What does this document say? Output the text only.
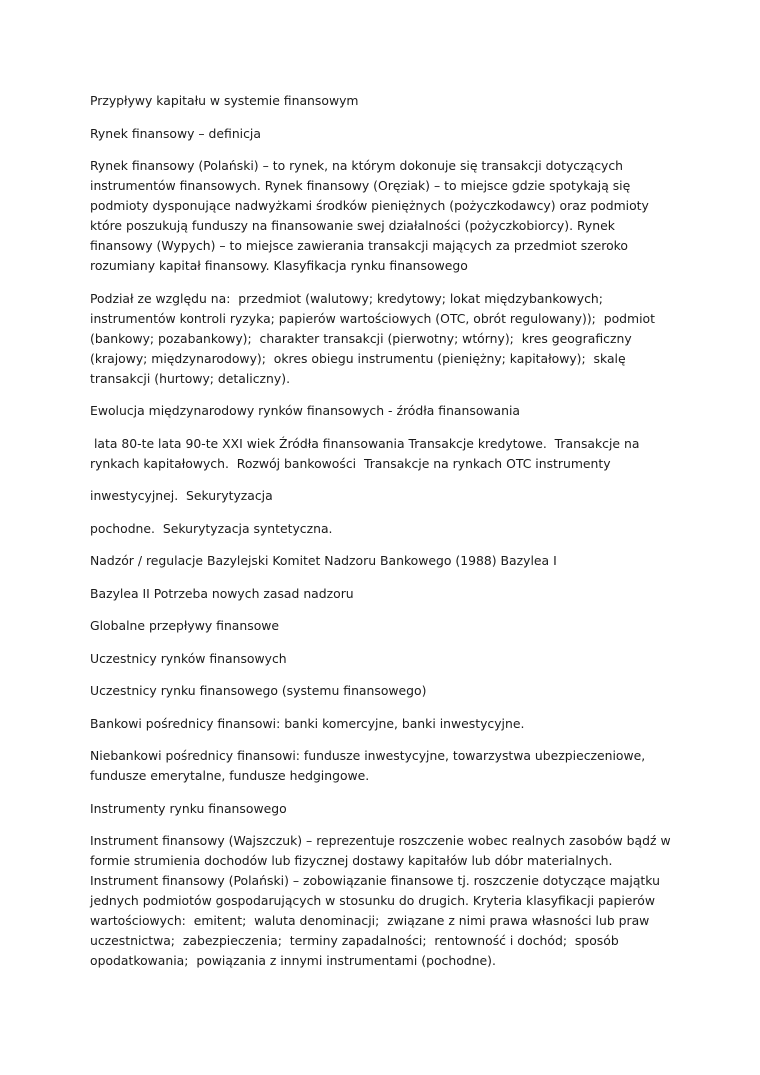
Przypływy kapitału w systemie finansowym

Rynek finansowy – definicja

Rynek finansowy (Polański) – to rynek, na którym dokonuje się transakcji dotyczących instrumentów finansowych. Rynek finansowy (Oręziak) – to miejsce gdzie spotykają się podmioty dysponujące nadwyżkami środków pieniężnych (pożyczkodawcy) oraz podmioty które poszukują funduszy na finansowanie swej działalności (pożyczkobiorcy). Rynek finansowy (Wypych) – to miejsce zawierania transakcji mających za przedmiot szeroko rozumiany kapitał finansowy. Klasyfikacja rynku finansowego

Podział ze względu na:  przedmiot (walutowy; kredytowy; lokat międzybankowych; instrumentów kontroli ryzyka; papierów wartościowych (OTC, obrót regulowany));  podmiot (bankowy; pozabankowy);  charakter transakcji (pierwotny; wtórny);  kres geograficzny (krajowy; międzynarodowy);  okres obiegu instrumentu (pieniężny; kapitałowy);  skalę transakcji (hurtowy; detaliczny).

Ewolucja międzynarodowy rynków finansowych - źródła finansowania

lata 80-te lata 90-te XXI wiek Źródła finansowania Transakcje kredytowe.  Transakcje na rynkach kapitałowych.  Rozwój bankowości  Transakcje na rynkach OTC instrumenty

inwestycyjnej.  Sekurytyzacja

pochodne.  Sekurytyzacja syntetyczna.

Nadzór / regulacje Bazylejski Komitet Nadzoru Bankowego (1988) Bazylea I

Bazylea II Potrzeba nowych zasad nadzoru

Globalne przepływy finansowe

Uczestnicy rynków finansowych

Uczestnicy rynku finansowego (systemu finansowego)

Bankowi pośrednicy finansowi: banki komercyjne, banki inwestycyjne.

Niebankowi pośrednicy finansowi: fundusze inwestycyjne, towarzystwa ubezpieczeniowe, fundusze emerytalne, fundusze hedgingowe.

Instrumenty rynku finansowego

Instrument finansowy (Wajszczuk) – reprezentuje roszczenie wobec realnych zasobów bądź w formie strumienia dochodów lub fizycznej dostawy kapitałów lub dóbr materialnych. Instrument finansowy (Polański) – zobowiązanie finansowe tj. roszczenie dotyczące majątku jednych podmiotów gospodarujących w stosunku do drugich. Kryteria klasyfikacji papierów wartościowych:  emitent;  waluta denominacji;  związane z nimi prawa własności lub praw uczestnictwa;  zabezpieczenia;  terminy zapadalności;  rentowność i dochód;  sposób opodatkowania;  powiązania z innymi instrumentami (pochodne).
